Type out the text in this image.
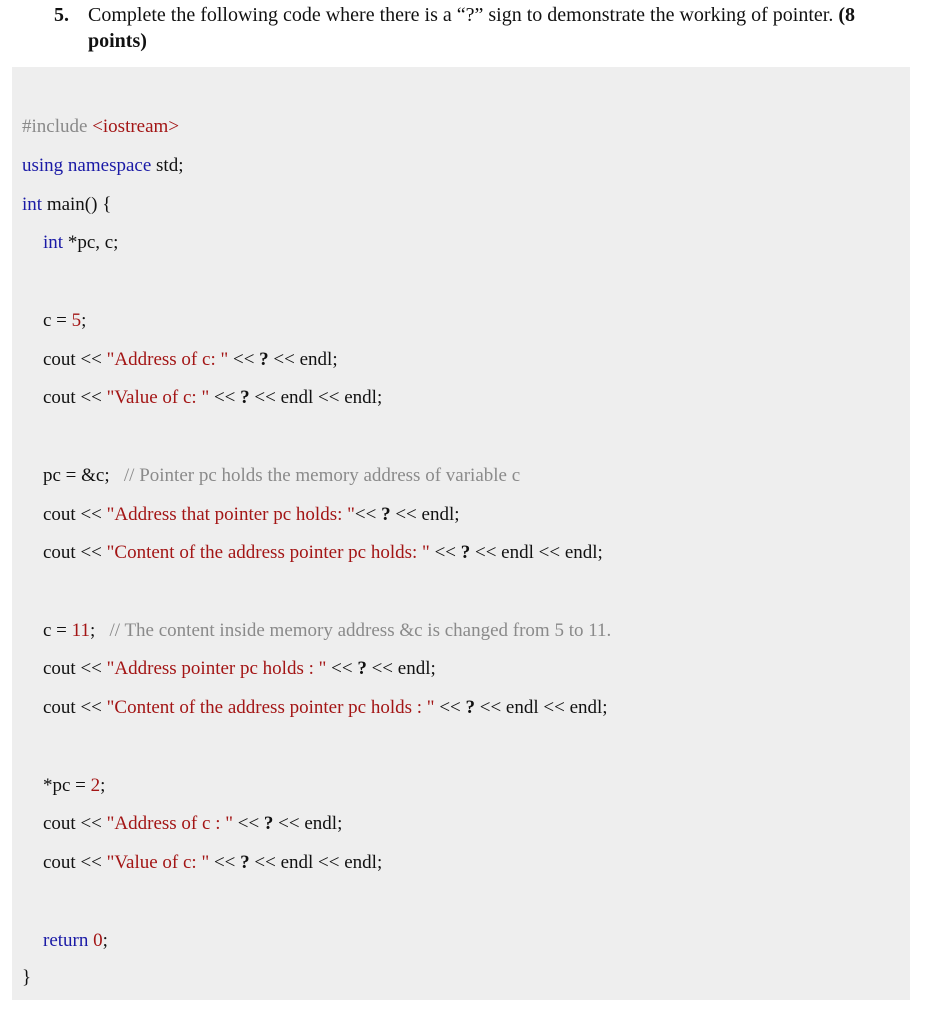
5. Complete the following code where there is a “?” sign to demonstrate the working of pointer. (8 points)
#include <iostream>
using namespace std;
int main() {
int *pc, c;
c = 5;
cout << "Address of c: " << ? << endl;
cout << "Value of c: " << ? << endl << endl;
pc = &c;   // Pointer pc holds the memory address of variable c
cout << "Address that pointer pc holds: "<< ? << endl;
cout << "Content of the address pointer pc holds: " << ? << endl << endl;
c = 11;   // The content inside memory address &c is changed from 5 to 11.
cout << "Address pointer pc holds : " << ? << endl;
cout << "Content of the address pointer pc holds : " << ? << endl << endl;
*pc = 2;
cout << "Address of c : " << ? << endl;
cout << "Value of c: " << ? << endl << endl;
return 0;
}
